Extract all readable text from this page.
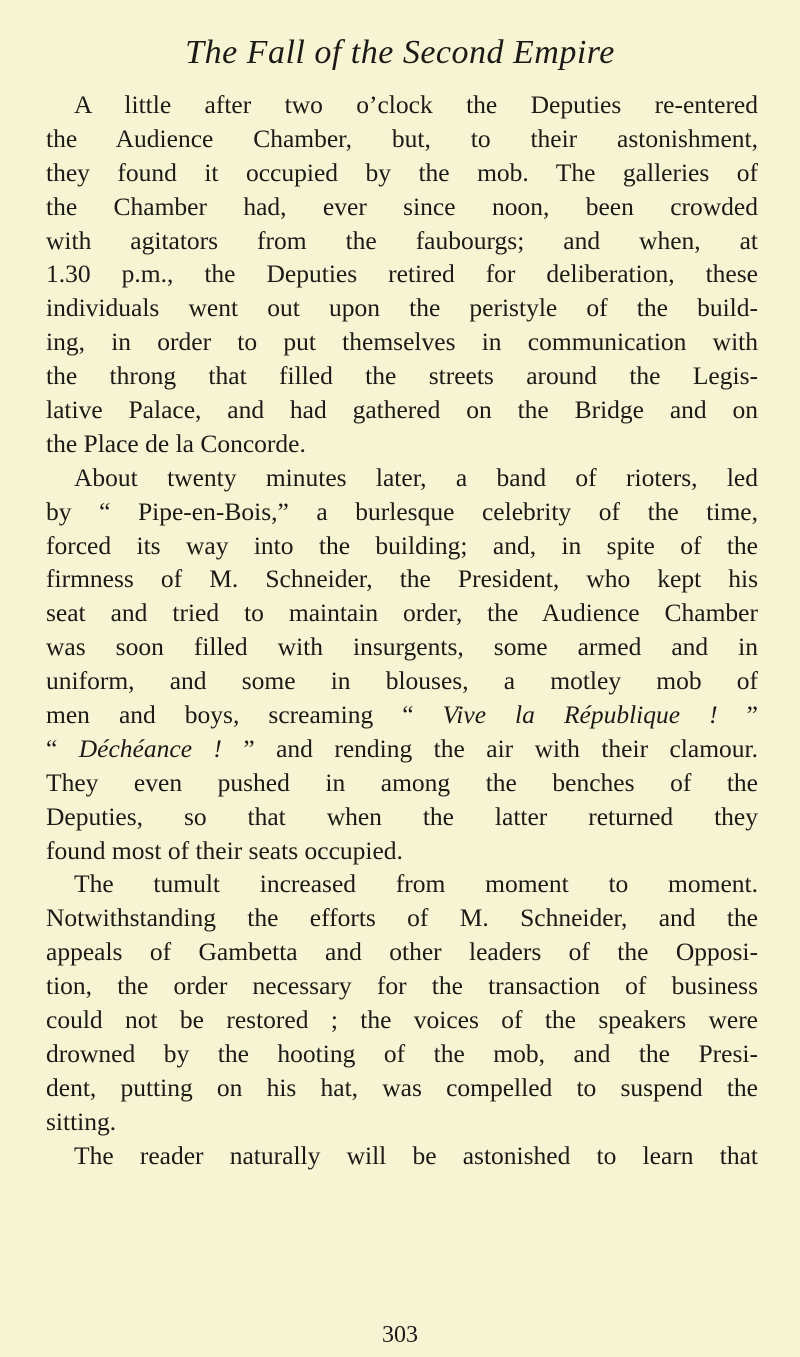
The Fall of the Second Empire
A little after two o’clock the Deputies re-entered
the Audience Chamber, but, to their astonishment,
they found it occupied by the mob. The galleries of
the Chamber had, ever since noon, been crowded
with agitators from the faubourgs; and when, at
1.30 p.m., the Deputies retired for deliberation, these
individuals went out upon the peristyle of the build-
ing, in order to put themselves in communication with
the throng that filled the streets around the Legis-
lative Palace, and had gathered on the Bridge and on
the Place de la Concorde.
About twenty minutes later, a band of rioters, led
by “ Pipe-en-Bois,” a burlesque celebrity of the time,
forced its way into the building; and, in spite of the
firmness of M. Schneider, the President, who kept his
seat and tried to maintain order, the Audience Chamber
was soon filled with insurgents, some armed and in
uniform, and some in blouses, a motley mob of
men and boys, screaming “ Vive la République ! ”
“ Déchéance ! ” and rending the air with their clamour.
They even pushed in among the benches of the
Deputies, so that when the latter returned they
found most of their seats occupied.
The tumult increased from moment to moment.
Notwithstanding the efforts of M. Schneider, and the
appeals of Gambetta and other leaders of the Opposi-
tion, the order necessary for the transaction of business
could not be restored ; the voices of the speakers were
drowned by the hooting of the mob, and the Presi-
dent, putting on his hat, was compelled to suspend the
sitting.
The reader naturally will be astonished to learn that
303
